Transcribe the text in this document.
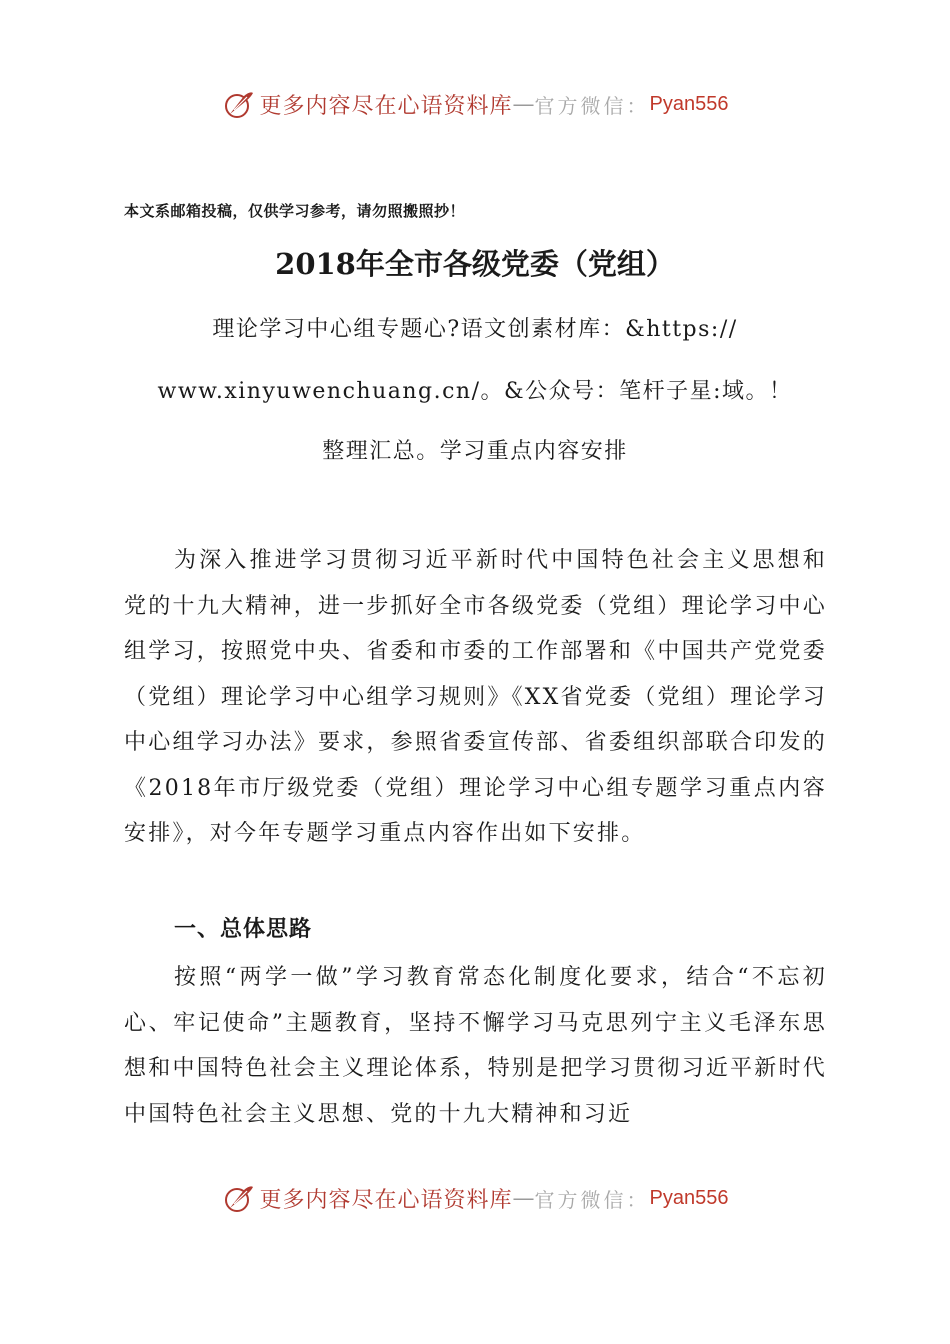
更多内容尽在心语资料库 — 官方微信： Pyan556
本文系邮箱投稿，仅供学习参考，请勿照搬照抄！
2018年全市各级党委（党组）
理论学习中心组专题心?语文创素材库：&https://
www.xinyuwenchuang.cn/。&公众号：笔杆子星:域。！
整理汇总。学习重点内容安排

为深入推进学习贯彻习近平新时代中国特色社会主义思想和党的十九大精神，进一步抓好全市各级党委（党组）理论学习中心组学习，按照党中央、省委和市委的工作部署和《中国共产党党委（党组）理论学习中心组学习规则》《XX省党委（党组）理论学习中心组学习办法》要求，参照省委宣传部、省委组织部联合印发的《2018年市厅级党委（党组）理论学习中心组专题学习重点内容安排》，对今年专题学习重点内容作出如下安排。

一、总体思路

按照“两学一做”学习教育常态化制度化要求，结合“不忘初心、牢记使命”主题教育，坚持不懈学习马克思列宁主义毛泽东思想和中国特色社会主义理论体系，特别是把学习贯彻习近平新时代中国特色社会主义思想、党的十九大精神和习近

更多内容尽在心语资料库 — 官方微信： Pyan556
